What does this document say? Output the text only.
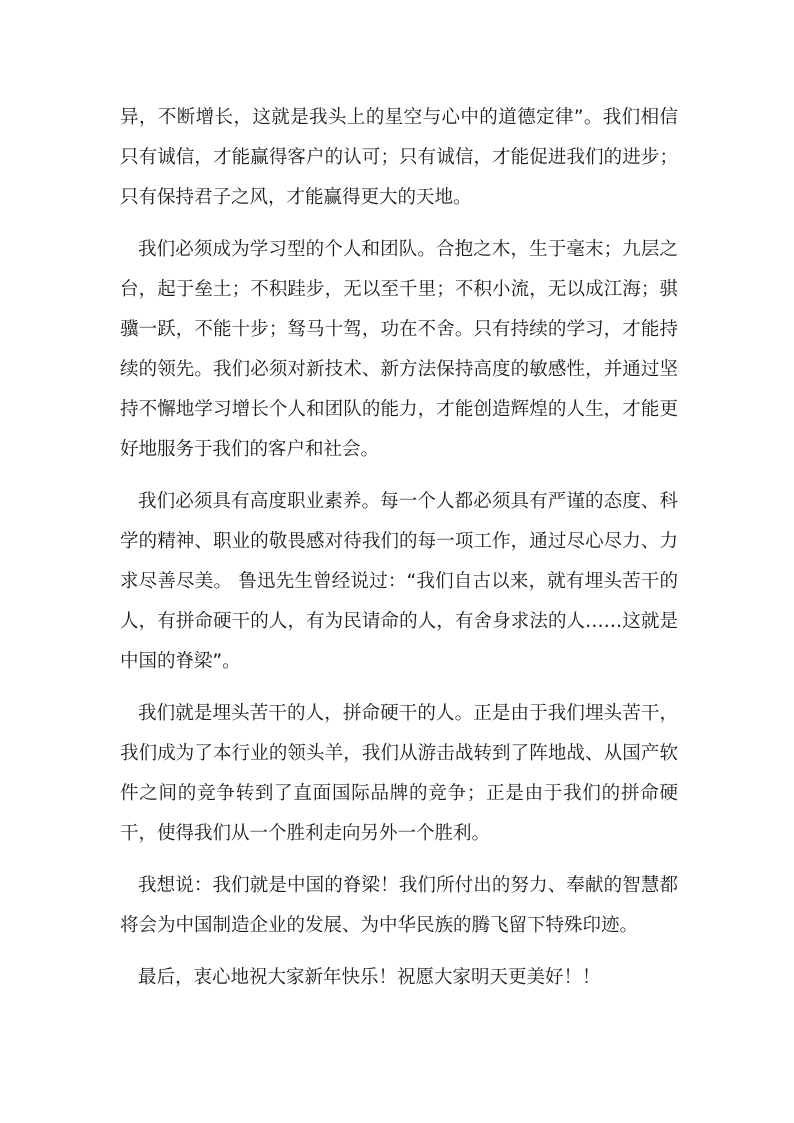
异，不断增长，这就是我头上的星空与心中的道德定律”。我们相信只有诚信，才能赢得客户的认可；只有诚信，才能促进我们的进步；只有保持君子之风，才能赢得更大的天地。

我们必须成为学习型的个人和团队。合抱之木，生于毫末；九层之台，起于垒土；不积跬步，无以至千里；不积小流，无以成江海；骐骥一跃，不能十步；驽马十驾，功在不舍。只有持续的学习，才能持续的领先。我们必须对新技术、新方法保持高度的敏感性，并通过坚持不懈地学习增长个人和团队的能力，才能创造辉煌的人生，才能更好地服务于我们的客户和社会。

我们必须具有高度职业素养。每一个人都必须具有严谨的态度、科学的精神、职业的敬畏感对待我们的每一项工作，通过尽心尽力、力求尽善尽美。 鲁迅先生曾经说过：“我们自古以来，就有埋头苦干的人，有拼命硬干的人，有为民请命的人，有舍身求法的人……这就是中国的脊梁”。

我们就是埋头苦干的人，拼命硬干的人。正是由于我们埋头苦干，我们成为了本行业的领头羊，我们从游击战转到了阵地战、从国产软件之间的竞争转到了直面国际品牌的竞争；正是由于我们的拼命硬干，使得我们从一个胜利走向另外一个胜利。

我想说：我们就是中国的脊梁！我们所付出的努力、奉献的智慧都将会为中国制造企业的发展、为中华民族的腾飞留下特殊印迹。

最后，衷心地祝大家新年快乐！祝愿大家明天更美好！！
